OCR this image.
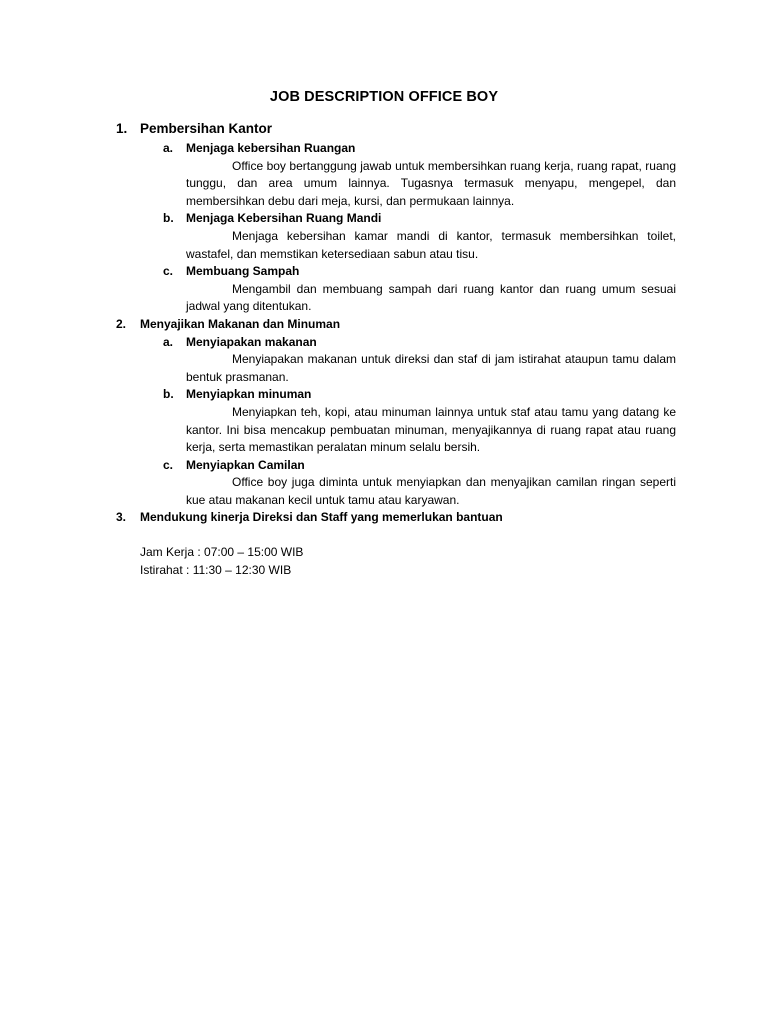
JOB DESCRIPTION OFFICE BOY
1. Pembersihan Kantor
a. Menjaga kebersihan Ruangan
Office boy bertanggung jawab untuk membersihkan ruang kerja, ruang rapat, ruang tunggu, dan area umum lainnya. Tugasnya termasuk menyapu, mengepel, dan membersihkan debu dari meja, kursi, dan permukaan lainnya.
b. Menjaga Kebersihan Ruang Mandi
Menjaga kebersihan kamar mandi di kantor, termasuk membersihkan toilet, wastafel, dan memstikan ketersediaan sabun atau tisu.
c. Membuang Sampah
Mengambil dan membuang sampah dari ruang kantor dan ruang umum sesuai jadwal yang ditentukan.
2. Menyajikan Makanan dan Minuman
a. Menyiapakan makanan
Menyiapakan makanan untuk direksi dan staf di jam istirahat ataupun tamu dalam bentuk prasmanan.
b. Menyiapkan minuman
Menyiapkan teh, kopi, atau minuman lainnya untuk staf atau tamu yang datang ke kantor. Ini bisa mencakup pembuatan minuman, menyajikannya di ruang rapat atau ruang kerja, serta memastikan peralatan minum selalu bersih.
c. Menyiapkan Camilan
Office boy juga diminta untuk menyiapkan dan menyajikan camilan ringan seperti kue atau makanan kecil untuk tamu atau karyawan.
3. Mendukung kinerja Direksi dan Staff yang memerlukan bantuan
Jam Kerja : 07:00 – 15:00 WIB
Istirahat : 11:30 – 12:30 WIB
